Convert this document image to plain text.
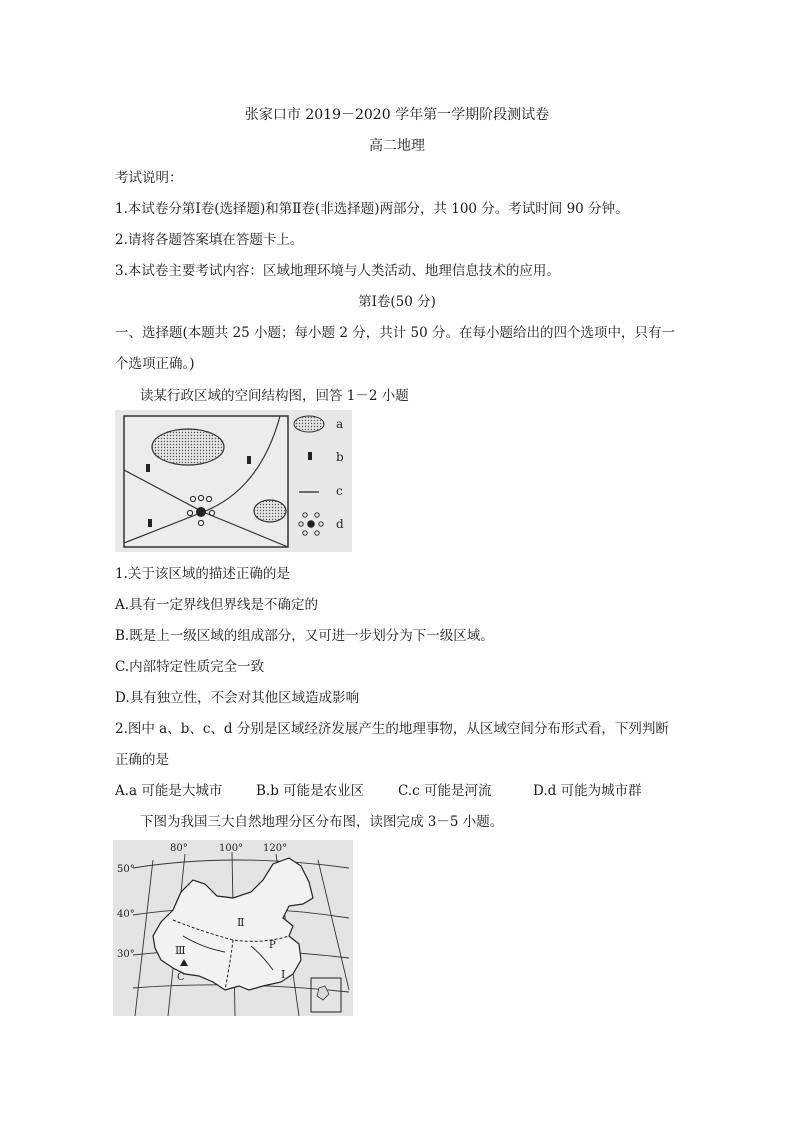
张家口市 2019－2020 学年第一学期阶段测试卷
高二地理
考试说明：
1.本试卷分第Ⅰ卷(选择题)和第Ⅱ卷(非选择题)两部分，共 100 分。考试时间 90 分钟。
2.请将各题答案填在答题卡上。
3.本试卷主要考试内容：区域地理环境与人类活动、地理信息技术的应用。
第Ⅰ卷(50 分)
一、选择题(本题共 25 小题；每小题 2 分，共计 50 分。在每小题给出的四个选项中，只有一
个选项正确。)
读某行政区域的空间结构图，回答 1－2 小题
a
b
c
d
1.关于该区域的描述正确的是
A.具有一定界线但界线是不确定的
B.既是上一级区域的组成部分，又可进一步划分为下一级区域。
C.内部特定性质完全一致
D.具有独立性，不会对其他区域造成影响
2.图中 a、b、c、d 分别是区域经济发展产生的地理事物，从区域空间分布形式看，下列判断
正确的是
A.a 可能是大城市 B.b 可能是农业区	C.c 可能是河流	D.d 可能为城市群
下图为我国三大自然地理分区分布图，读图完成 3－5 小题。
80°	100° 120°
50°
40°
30°
Ⅰ
Ⅱ
Ⅲ	P
C
